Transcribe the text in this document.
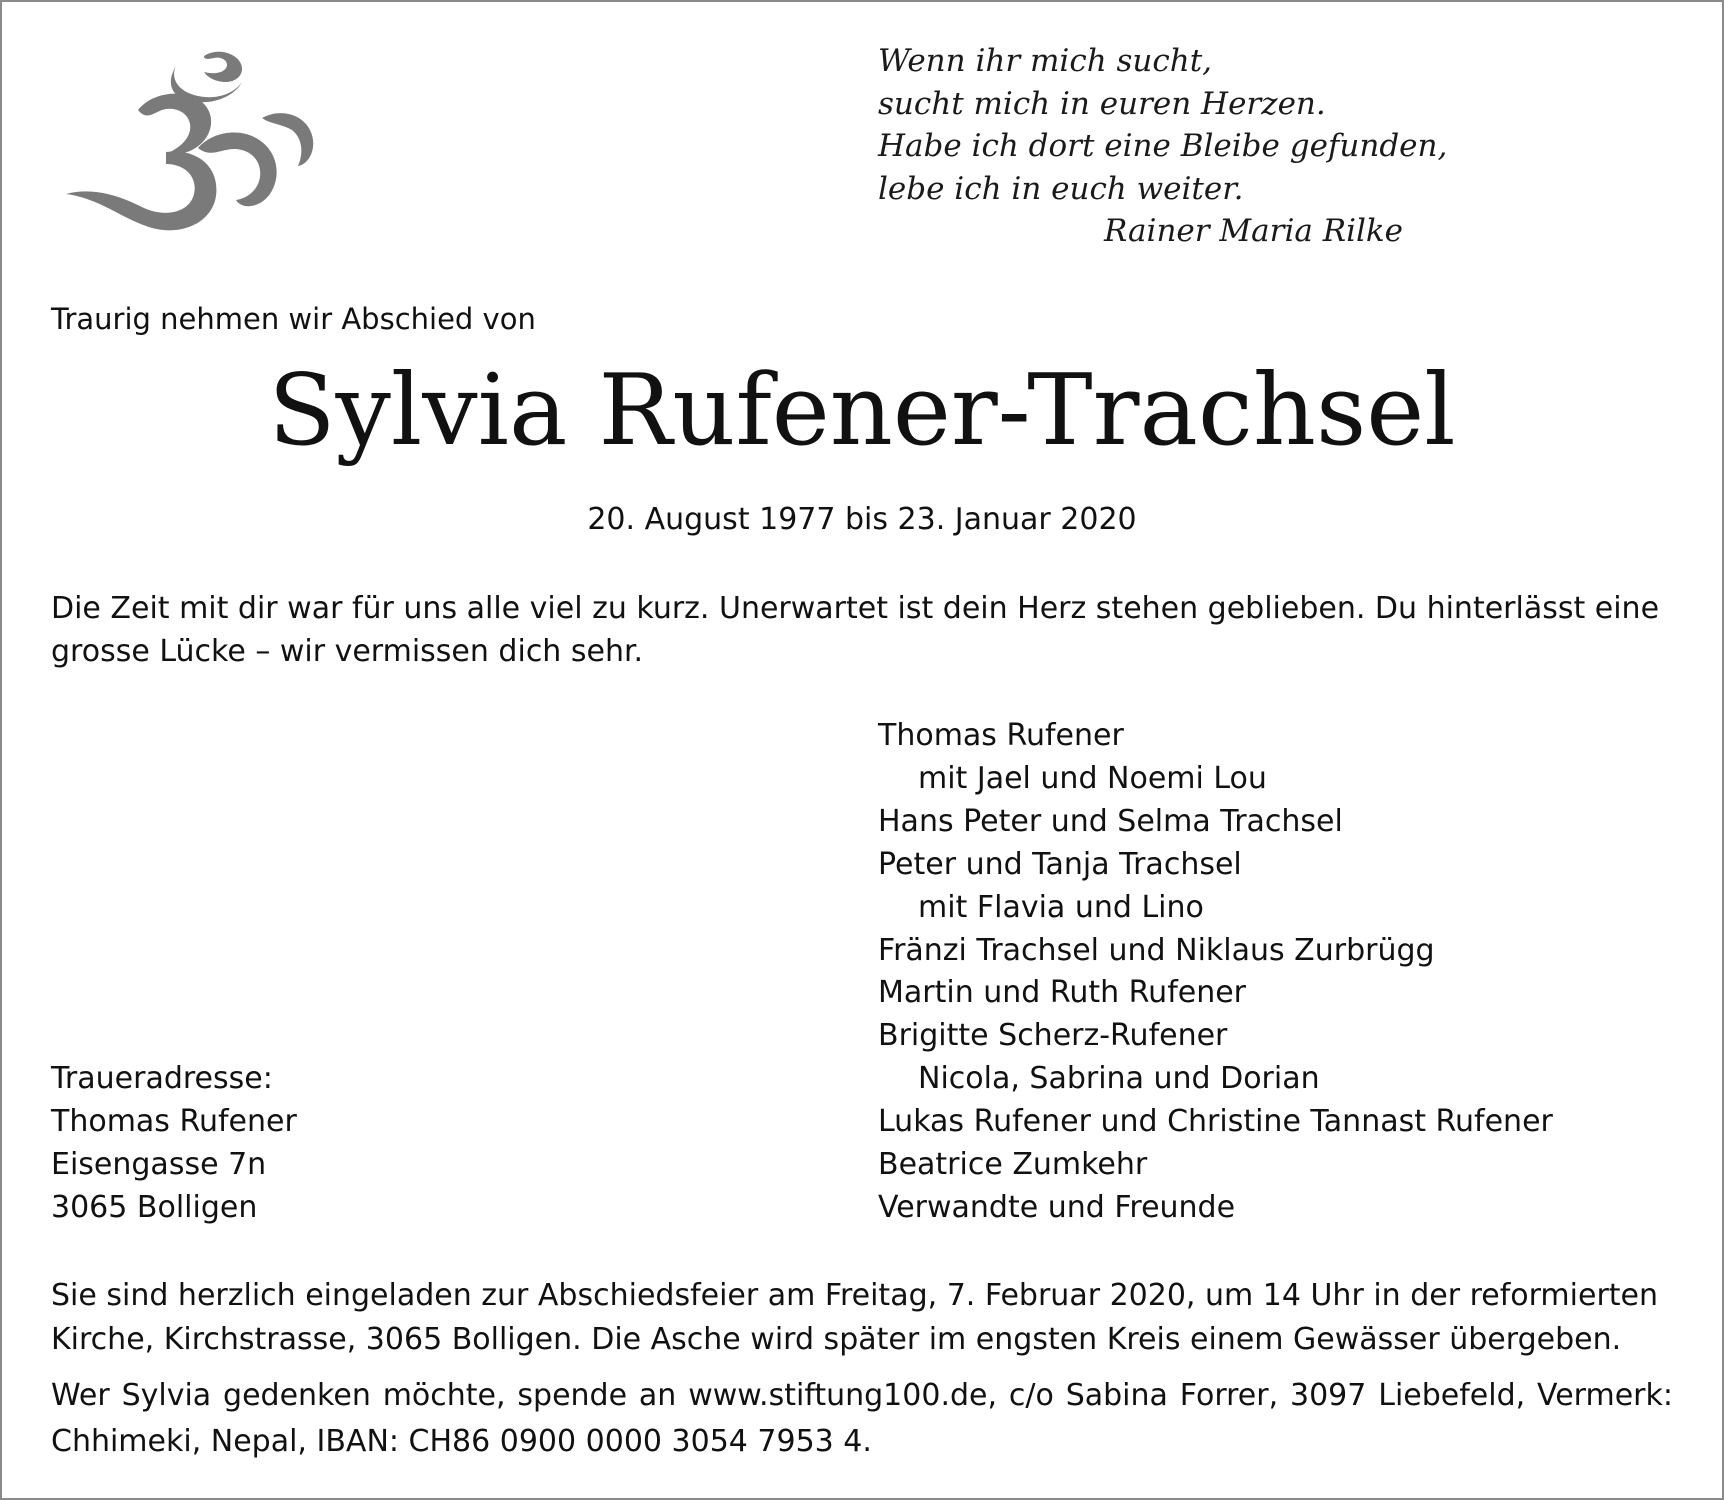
Wenn ihr mich sucht,
sucht mich in euren Herzen.
Habe ich dort eine Bleibe gefunden,
lebe ich in euch weiter.
Rainer Maria Rilke
Traurig nehmen wir Abschied von
Sylvia Rufener-Trachsel
20. August 1977 bis 23. Januar 2020
Die Zeit mit dir war für uns alle viel zu kurz. Unerwartet ist dein Herz stehen geblieben. Du hinterlässt eine grosse Lücke – wir vermissen dich sehr.
Thomas Rufener
mit Jael und Noemi Lou
Hans Peter und Selma Trachsel
Peter und Tanja Trachsel
mit Flavia und Lino
Fränzi Trachsel und Niklaus Zurbrügg
Martin und Ruth Rufener
Brigitte Scherz-Rufener
Nicola, Sabrina und Dorian
Lukas Rufener und Christine Tannast Rufener
Beatrice Zumkehr
Verwandte und Freunde
Traueradresse:
Thomas Rufener
Eisengasse 7n
3065 Bolligen
Sie sind herzlich eingeladen zur Abschiedsfeier am Freitag, 7. Februar 2020, um 14 Uhr in der reformierten Kirche, Kirchstrasse, 3065 Bolligen. Die Asche wird später im engsten Kreis einem Gewässer übergeben.
Wer Sylvia gedenken möchte, spende an www.stiftung100.de, c/o Sabina Forrer, 3097 Liebefeld, Vermerk: Chhimeki, Nepal, IBAN: CH86 0900 0000 3054 7953 4.
